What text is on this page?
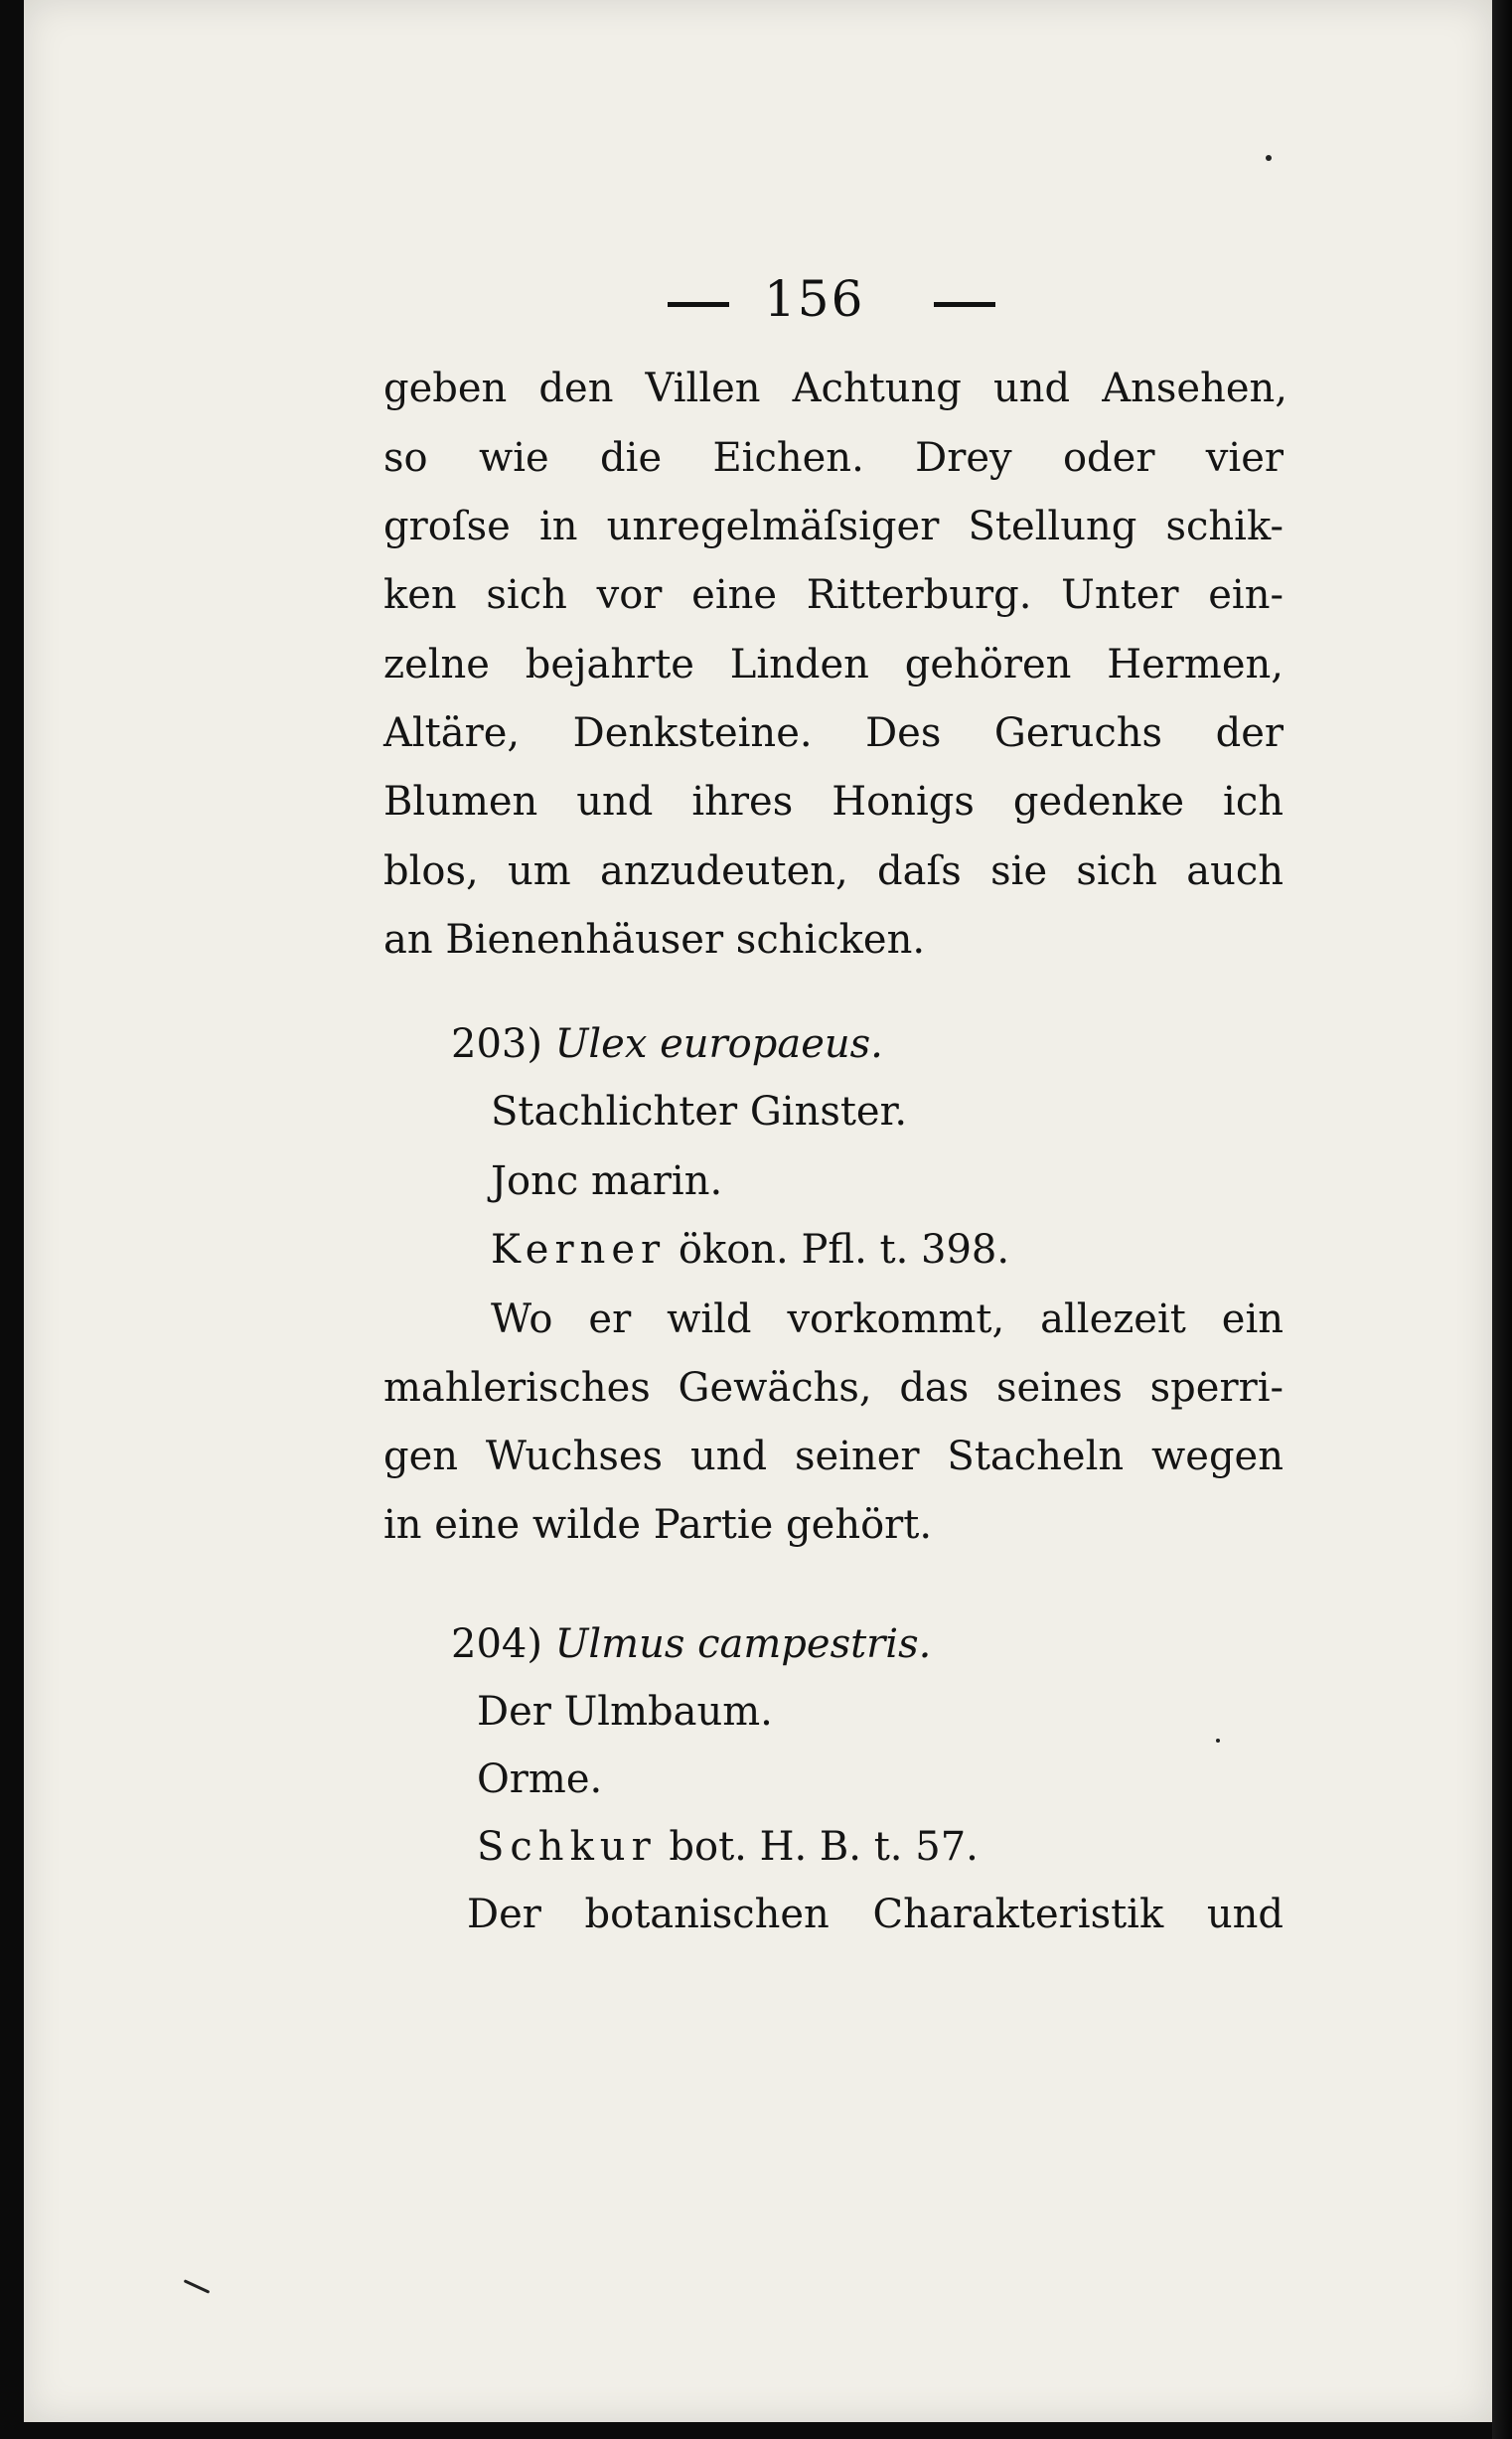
156
geben den Villen Achtung und Ansehen,
so wie die Eichen. Drey oder vier
groſse in unregelmäſsiger Stellung schik-
ken sich vor eine Ritterburg. Unter ein-
zelne bejahrte Linden gehören Hermen,
Altäre, Denksteine. Des Geruchs der
Blumen und ihres Honigs gedenke ich
blos, um anzudeuten, daſs sie sich auch
an Bienenhäuser schicken.
203) Ulex europaeus.
Stachlichter Ginster.
Jonc marin.
Kerner ökon. Pfl. t. 398.
Wo er wild vorkommt, allezeit ein
mahlerisches Gewächs, das seines sperri-
gen Wuchses und seiner Stacheln wegen
in eine wilde Partie gehört.
204) Ulmus campestris.
Der Ulmbaum.
Orme.
Schkur bot. H. B. t. 57.
Der botanischen Charakteristik und
